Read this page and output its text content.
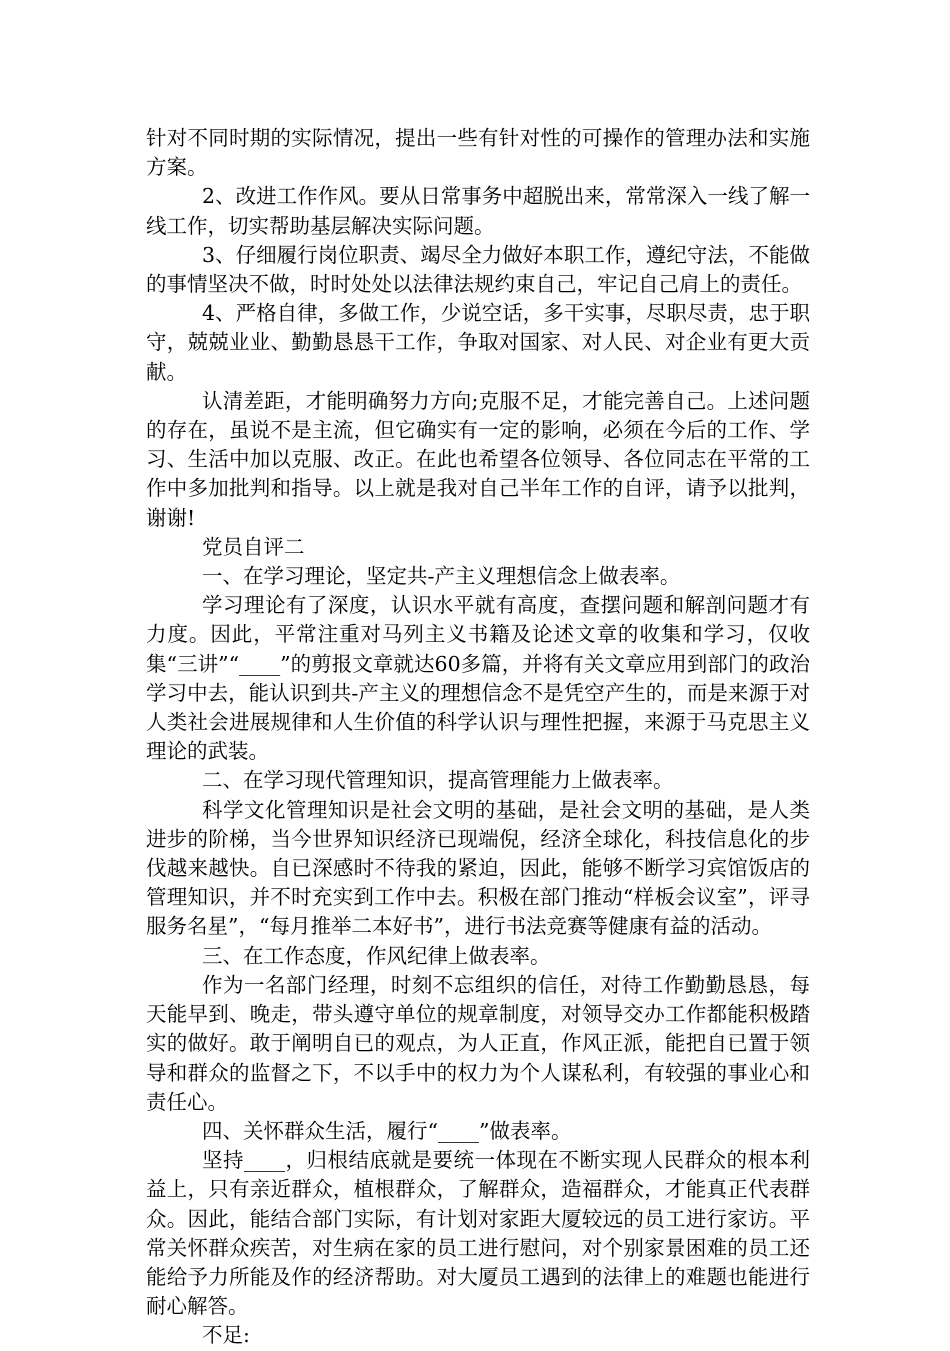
针对不同时期的实际情况，提出一些有针对性的可操作的管理办法和实施方案。

2、改进工作作风。要从日常事务中超脱出来，常常深入一线了解一线工作，切实帮助基层解决实际问题。

3、仔细履行岗位职责、竭尽全力做好本职工作，遵纪守法，不能做的事情坚决不做，时时处处以法律法规约束自己，牢记自己肩上的责任。

4、严格自律，多做工作，少说空话，多干实事，尽职尽责，忠于职守，兢兢业业、勤勤恳恳干工作，争取对国家、对人民、对企业有更大贡献。

认清差距，才能明确努力方向;克服不足，才能完善自己。上述问题的存在，虽说不是主流，但它确实有一定的影响，必须在今后的工作、学习、生活中加以克服、改正。在此也希望各位领导、各位同志在平常的工作中多加批判和指导。以上就是我对自己半年工作的自评，请予以批判，谢谢!

党员自评二

一、在学习理论，坚定共-产主义理想信念上做表率。

学习理论有了深度，认识水平就有高度，查摆问题和解剖问题才有力度。因此，平常注重对马列主义书籍及论述文章的收集和学习，仅收集“三讲”“____”的剪报文章就达60多篇，并将有关文章应用到部门的政治学习中去，能认识到共-产主义的理想信念不是凭空产生的，而是来源于对人类社会进展规律和人生价值的科学认识与理性把握，来源于马克思主义理论的武装。

二、在学习现代管理知识，提高管理能力上做表率。

科学文化管理知识是社会文明的基础，是社会文明的基础，是人类进步的阶梯，当今世界知识经济已现端倪，经济全球化，科技信息化的步伐越来越快。自已深感时不待我的紧迫，因此，能够不断学习宾馆饭店的管理知识，并不时充实到工作中去。积极在部门推动“样板会议室”，评寻服务名星”，“每月推举二本好书”，进行书法竞赛等健康有益的活动。

三、在工作态度，作风纪律上做表率。

作为一名部门经理，时刻不忘组织的信任，对待工作勤勤恳恳，每天能早到、晚走，带头遵守单位的规章制度，对领导交办工作都能积极踏实的做好。敢于阐明自已的观点，为人正直，作风正派，能把自已置于领导和群众的监督之下，不以手中的权力为个人谋私利，有较强的事业心和责任心。

四、关怀群众生活，履行“____”做表率。

坚持____，归根结底就是要统一体现在不断实现人民群众的根本利益上，只有亲近群众，植根群众，了解群众，造福群众，才能真正代表群众。因此，能结合部门实际，有计划对家距大厦较远的员工进行家访。平常关怀群众疾苦，对生病在家的员工进行慰问，对个别家景困难的员工还能给予力所能及作的经济帮助。对大厦员工遇到的法律上的难题也能进行耐心解答。

不足:
